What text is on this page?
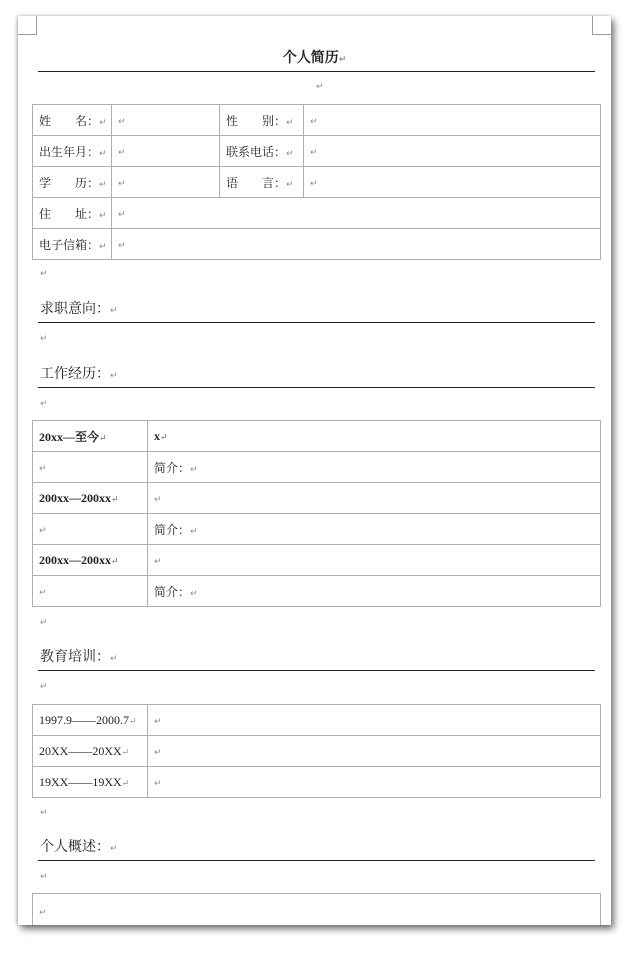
个人简历↵
↵
姓　　名：↵	↵	性　　别：↵	↵
出生年月：↵	↵	联系电话：↵	↵
学　　历：↵	↵	语　　言：↵	↵
住　　址：↵	↵		
电子信箱：↵	↵		
↵
求职意向：↵
↵
工作经历：↵
↵
20xx—至今↵	x↵
↵	简介：↵
200xx—200xx↵	↵
↵	简介：↵
200xx—200xx↵	↵
↵	简介：↵
↵
教育培训：↵
↵
1997.9——2000.7↵	↵
20XX——20XX↵	↵
19XX——19XX↵	↵
↵
个人概述：↵
↵
↵
